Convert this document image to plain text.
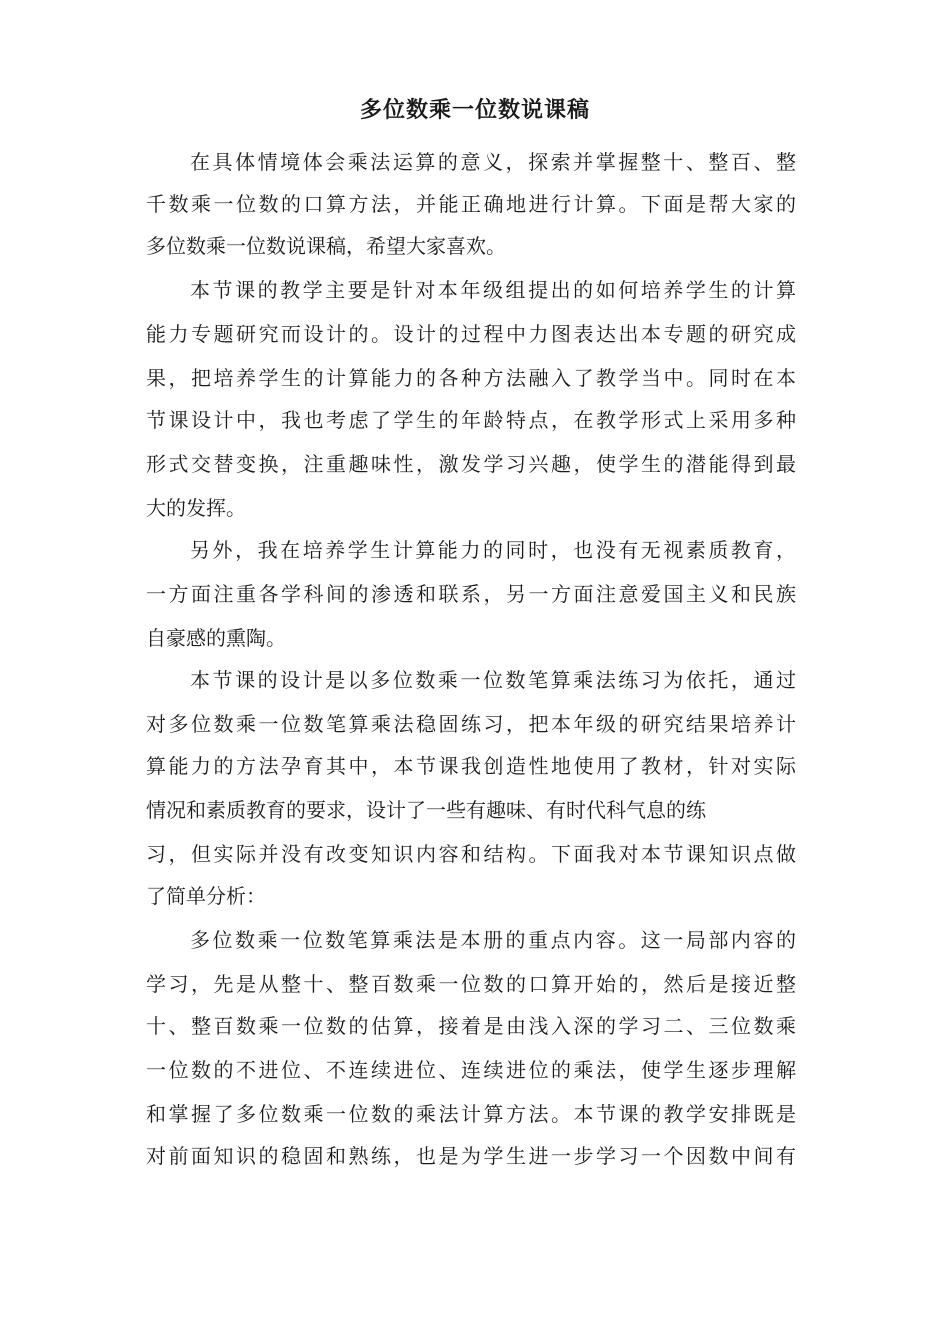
多位数乘一位数说课稿
在具体情境体会乘法运算的意义，探索并掌握整十、整百、整
千数乘一位数的口算方法，并能正确地进行计算。下面是帮大家的
多位数乘一位数说课稿，希望大家喜欢。
本节课的教学主要是针对本年级组提出的如何培养学生的计算
能力专题研究而设计的。设计的过程中力图表达出本专题的研究成
果，把培养学生的计算能力的各种方法融入了教学当中。同时在本
节课设计中，我也考虑了学生的年龄特点，在教学形式上采用多种
形式交替变换，注重趣味性，激发学习兴趣，使学生的潜能得到最
大的发挥。
另外，我在培养学生计算能力的同时，也没有无视素质教育，
一方面注重各学科间的渗透和联系，另一方面注意爱国主义和民族
自豪感的熏陶。
本节课的设计是以多位数乘一位数笔算乘法练习为依托，通过
对多位数乘一位数笔算乘法稳固练习，把本年级的研究结果培养计
算能力的方法孕育其中，本节课我创造性地使用了教材，针对实际
情况和素质教育的要求，设计了一些有趣味、有时代科气息的练
习，但实际并没有改变知识内容和结构。下面我对本节课知识点做
了简单分析：
多位数乘一位数笔算乘法是本册的重点内容。这一局部内容的
学习，先是从整十、整百数乘一位数的口算开始的，然后是接近整
十、整百数乘一位数的估算，接着是由浅入深的学习二、三位数乘
一位数的不进位、不连续进位、连续进位的乘法，使学生逐步理解
和掌握了多位数乘一位数的乘法计算方法。本节课的教学安排既是
对前面知识的稳固和熟练，也是为学生进一步学习一个因数中间有
